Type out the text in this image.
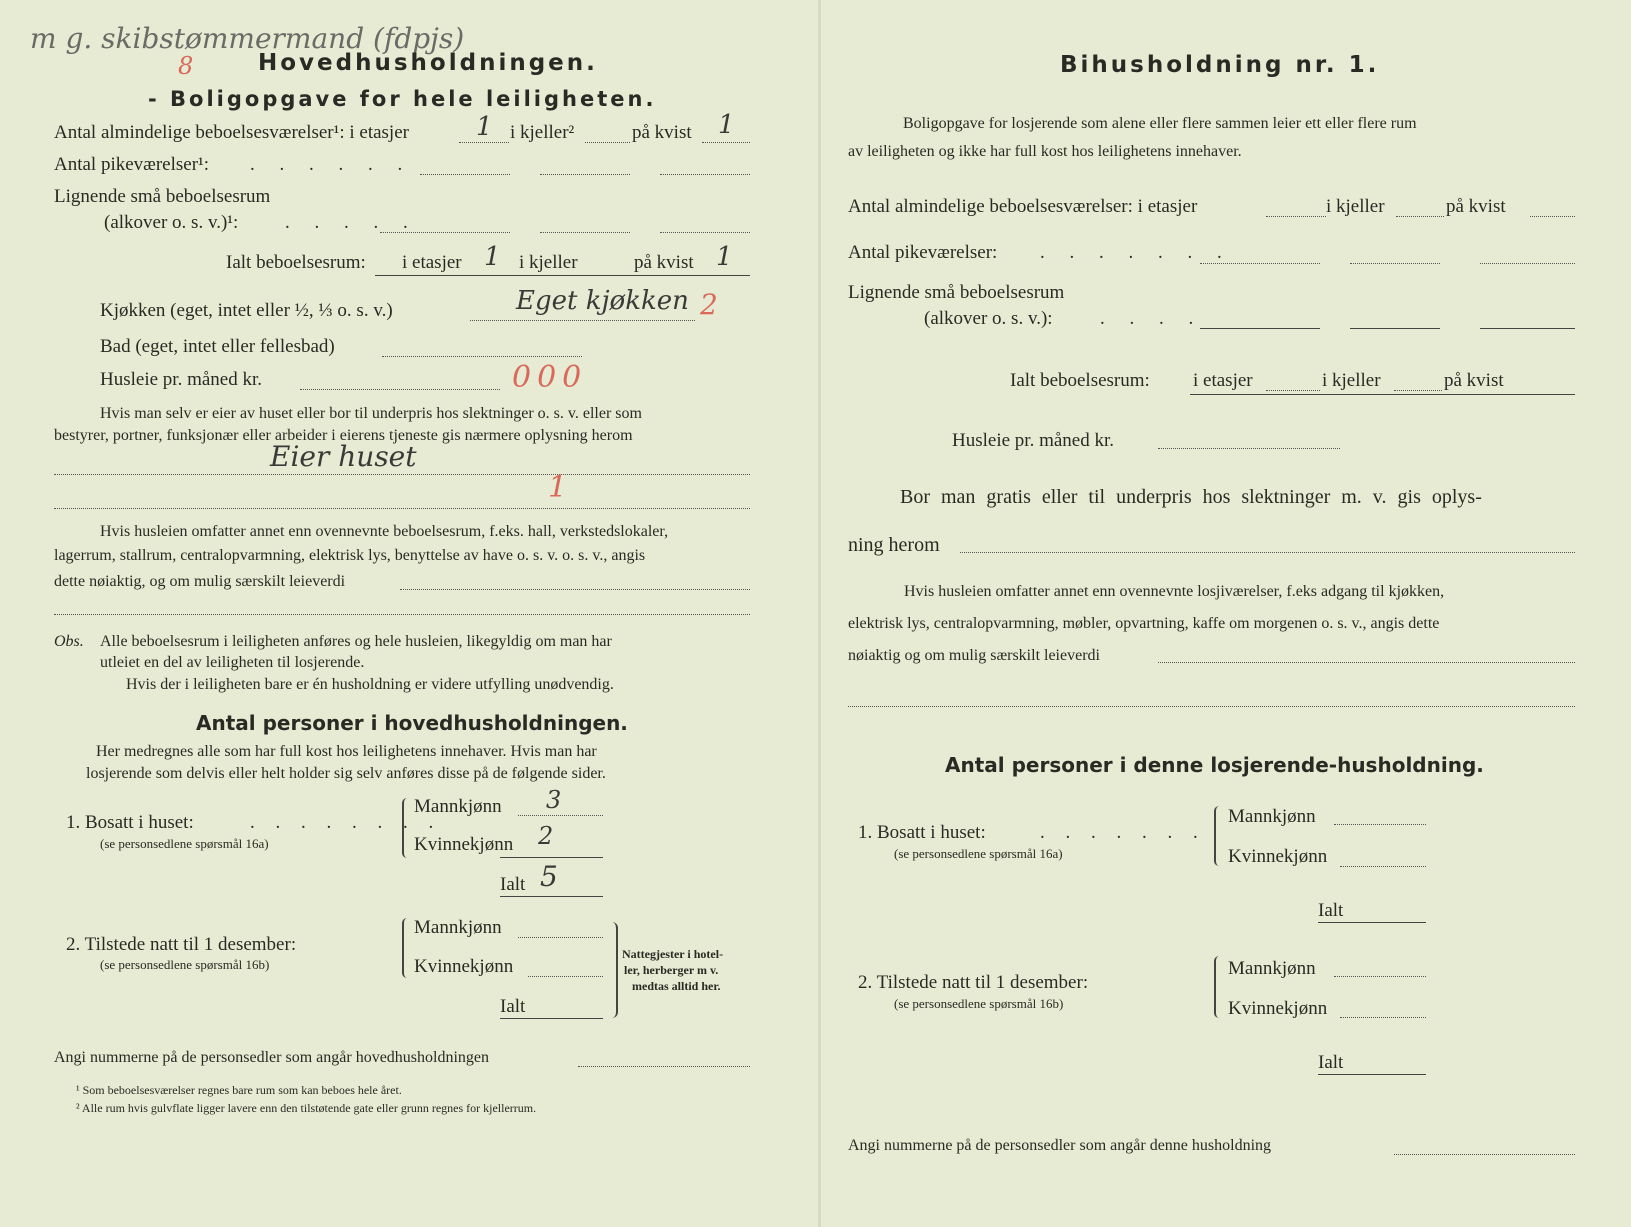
m g. skibstømmermand (fdpjs)
8	Hovedhusholdningen.
- Boligopgave for hele leiligheten.
Antal almindelige beboelsesværelser¹: i etasjer	1 i kjeller²	på kvist 1
Antal pikeværelser¹: . . . . . .
Lignende små beboelsesrum
(alkover o. s. v.)¹: . . . . .
Ialt beboelsesrum: i etasjer 1 i kjeller	på kvist 1
Kjøkken (eget, intet eller ½, ⅓ o. s. v.)	Eget kjøkken 2
Bad (eget, intet eller fellesbad)
Husleie pr. måned kr.	000
Hvis man selv er eier av huset eller bor til underpris hos slektninger o. s. v. eller som
bestyrer, portner, funksjonær eller arbeider i eierens tjeneste gis nærmere oplysning herom
Eier huset
1
Hvis husleien omfatter annet enn ovennevnte beboelsesrum, f.eks. hall, verkstedslokaler,
lagerrum, stallrum, centralopvarmning, elektrisk lys, benyttelse av have o. s. v. o. s. v., angis
dette nøiaktig, og om mulig særskilt leieverdi
Obs. Alle beboelsesrum i leiligheten anføres og hele husleien, likegyldig om man har
utleiet en del av leiligheten til losjerende.
Hvis der i leiligheten bare er én husholdning er videre utfylling unødvendig.
Antal personer i hovedhusholdningen.
Her medregnes alle som har full kost hos leilighetens innehaver. Hvis man har
losjerende som delvis eller helt holder sig selv anføres disse på de følgende sider.
1. Bosatt i huset:	. . . . . . . .
(se personsedlene spørsmål 16a)
Mannkjønn 3
Kvinnekjønn 2
Ialt 5
2. Tilstede natt til 1 desember:
(se personsedlene spørsmål 16b)
Mannkjønn
Kvinnekjønn
Ialt
Nattegjester i hotel-
ler, herberger m v.
medtas alltid her.
Angi nummerne på de personsedler som angår hovedhusholdningen
¹ Som beboelsesværelser regnes bare rum som kan beboes hele året.
² Alle rum hvis gulvflate ligger lavere enn den tilstøtende gate eller grunn regnes for kjellerrum.
Bihusholdning nr. 1.
Boligopgave for losjerende som alene eller flere sammen leier ett eller flere rum
av leiligheten og ikke har full kost hos leilighetens innehaver.
Antal almindelige beboelsesværelser: i etasjer	i kjeller	på kvist
Antal pikeværelser: . . . . . . .
Lignende små beboelsesrum
(alkover o. s. v.): . . . .
Ialt beboelsesrum: i etasjer	i kjeller	på kvist
Husleie pr. måned kr.
Bor man gratis eller til underpris hos slektninger m. v. gis oplys-
ning herom
Hvis husleien omfatter annet enn ovennevnte losjiværelser, f.eks adgang til kjøkken,
elektrisk lys, centralopvarmning, møbler, opvartning, kaffe om morgenen o. s. v., angis dette
nøiaktig og om mulig særskilt leieverdi
Antal personer i denne losjerende-husholdning.
1. Bosatt i huset:	. . . . . . .
(se personsedlene spørsmål 16a)
Mannkjønn
Kvinnekjønn
Ialt
2. Tilstede natt til 1 desember:
(se personsedlene spørsmål 16b)
Mannkjønn
Kvinnekjønn
Ialt
Angi nummerne på de personsedler som angår denne husholdning
